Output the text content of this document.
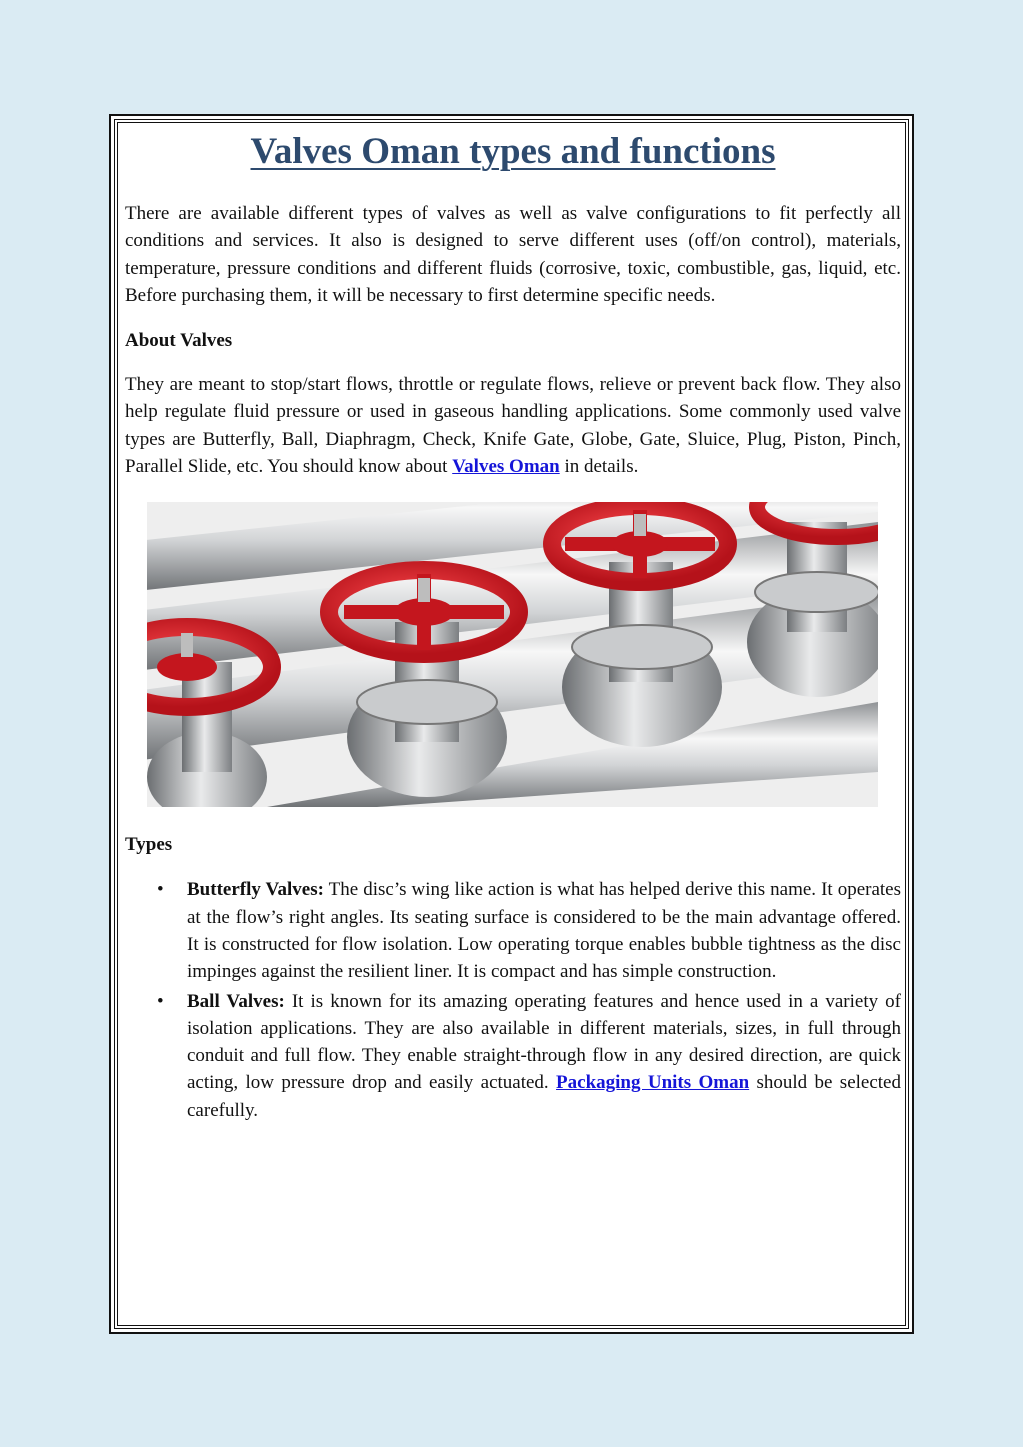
Valves Oman types and functions

There are available different types of valves as well as valve configurations to fit perfectly all conditions and services. It also is designed to serve different uses (off/on control), materials, temperature, pressure conditions and different fluids (corrosive, toxic, combustible, gas, liquid, etc. Before purchasing them, it will be necessary to first determine specific needs.

About Valves

They are meant to stop/start flows, throttle or regulate flows, relieve or prevent back flow. They also help regulate fluid pressure or used in gaseous handling applications. Some commonly used valve types are Butterfly, Ball, Diaphragm, Check, Knife Gate, Globe, Gate, Sluice, Plug, Piston, Pinch, Parallel Slide, etc. You should know about Valves Oman in details.

Types
• Butterfly Valves: The disc’s wing like action is what has helped derive this name. It operates at the flow’s right angles. Its seating surface is considered to be the main advantage offered. It is constructed for flow isolation. Low operating torque enables bubble tightness as the disc impinges against the resilient liner. It is compact and has simple construction.
• Ball Valves: It is known for its amazing operating features and hence used in a variety of isolation applications. They are also available in different materials, sizes, in full through conduit and full flow. They enable straight-through flow in any desired direction, are quick acting, low pressure drop and easily actuated. Packaging Units Oman should be selected carefully.
